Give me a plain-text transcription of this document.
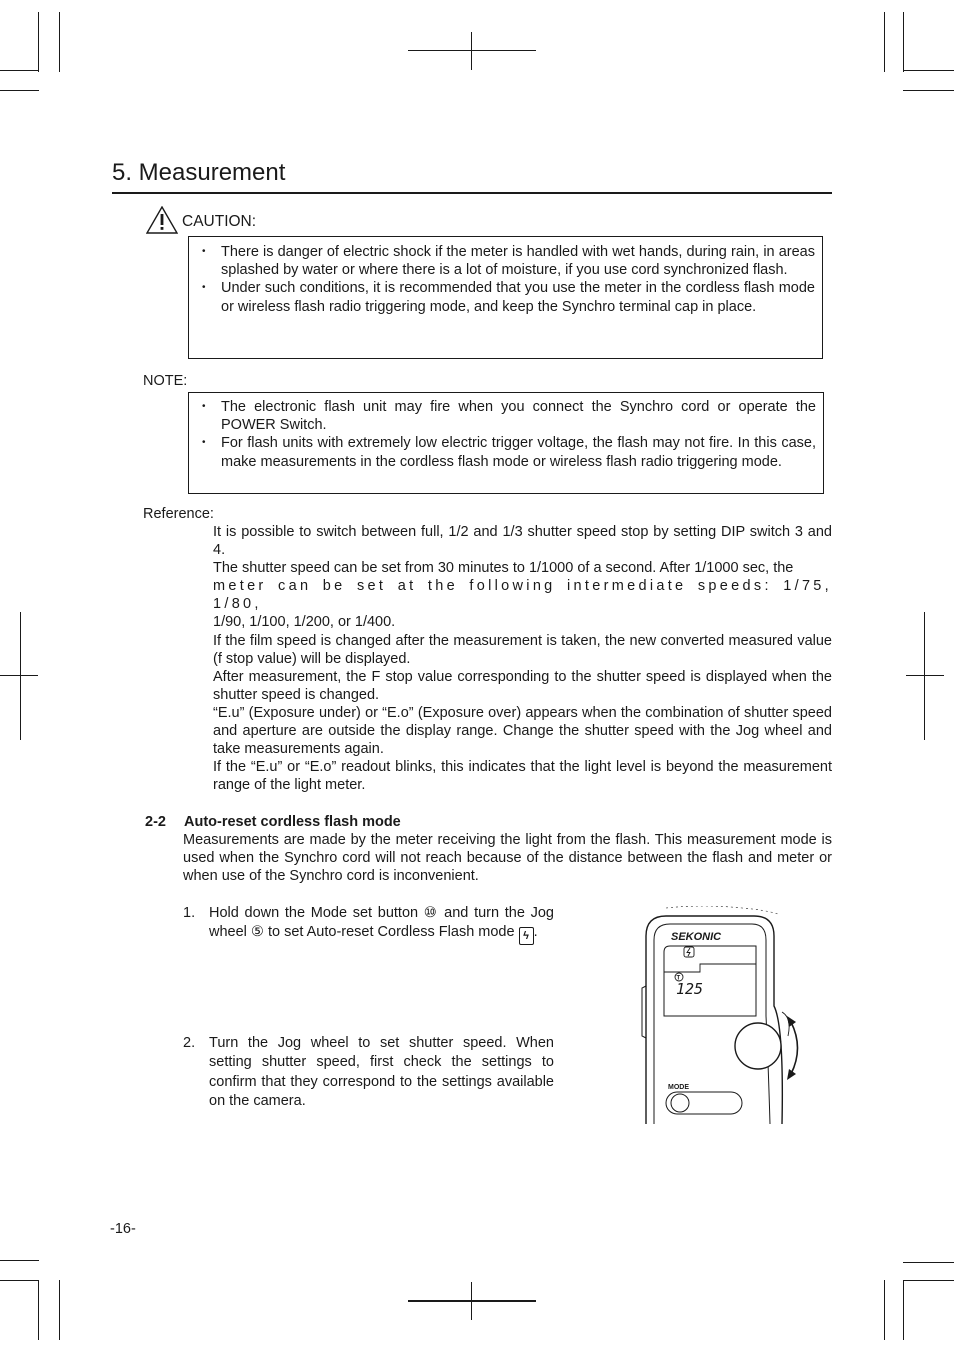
5. Measurement
CAUTION:
• There is danger of electric shock if the meter is handled with wet hands, during rain, in areas splashed by water or where there is a lot of moisture, if you use cord synchronized flash.
• Under such conditions, it is recommended that you use the meter in the cordless flash mode or wireless flash radio triggering mode, and keep the Synchro terminal cap in place.
NOTE:
• The electronic flash unit may fire when you connect the Synchro cord or operate the POWER Switch.
• For flash units with extremely low electric trigger voltage, the flash may not fire. In this case, make measurements in the cordless flash mode or wireless flash radio triggering mode.
Reference:

It is possible to switch between full, 1/2 and 1/3 shutter speed stop by setting DIP switch 3 and 4.

The shutter speed can be set from 30 minutes to 1/1000 of a second. After 1/1000 sec, the

meter can be set at the following intermediate speeds: 1/75, 1/80,

1/90, 1/100, 1/200, or 1/400.

If the film speed is changed after the measurement is taken, the new converted measured value (f stop value) will be displayed.

After measurement, the F stop value corresponding to the shutter speed is displayed when the shutter speed is changed.

“E.u” (Exposure under) or “E.o” (Exposure over) appears when the combination of shutter speed and aperture are outside the display range. Change the shutter speed with the Jog wheel and take measurements again.

If the “E.u” or “E.o” readout blinks, this indicates that the light level is beyond the measurement range of the light meter.

2-2 Auto-reset cordless flash mode
Measurements are made by the meter receiving the light from the flash. This measurement mode is used when the Synchro cord will not reach because of the distance between the flash and meter or when use of the Synchro cord is inconvenient.
1. Hold down the Mode set button ⑩ and turn the Jog wheel ⑤ to set Auto-reset Cordless Flash mode ϟ .
2. Turn the Jog wheel to set shutter speed. When setting shutter speed, first check the settings to confirm that they correspond to the settings available on the camera.
SEKONIC
T
125
MODE
-16-
